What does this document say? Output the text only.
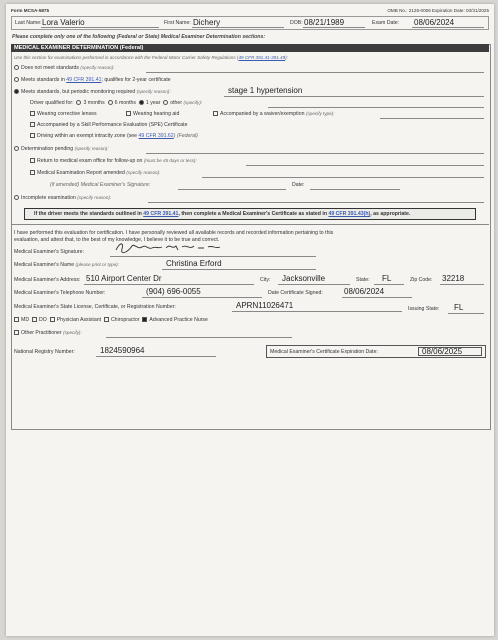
Form MCSA-5875	OMB No.: 2126-0006 Expiration Date: 03/31/2025
Last Name: Lora Valerio	First Name: Dichery	DOB: 08/21/1989	Exam Date: 08/06/2024
Please complete only one of the following (Federal or State) Medical Examiner Determination sections:
MEDICAL EXAMINER DETERMINATION (Federal)
Use this section for examinations performed in accordance with the Federal Motor Carrier Safety Regulations (49 CFR 391.41-391.49):
Does not meet standards (specify reason):
Meets standards in 49 CFR 391.41; qualifies for 2-year certificate
Meets standards, but periodic monitoring required (specify reason):	stage 1 hypertension
Driver qualified for: 3 months 6 months 1 year other (specify):
Wearing corrective lenses	Wearing hearing aid	Accompanied by a waiver/exemption (specify type):
Accompanied by a Skill Performance Evaluation (SPE) Certificate
Driving within an exempt intracity zone (see 49 CFR 391.62) (Federal)
Determination pending (specify reason):
Return to medical exam office for follow-up on (must be 45 days or less):
Medical Examination Report amended (specify reason):
(if amended) Medical Examiner's Signature:	Date:
Incomplete examination (specify reason):
If the driver meets the standards outlined in 49 CFR 391.41, then complete a Medical Examiner's Certificate as stated in 49 CFR 391.43(h), as appropriate.
I have performed this evaluation for certification. I have personally reviewed all available records and recorded information pertaining to this
evaluation, and attest that, to the best of my knowledge, I believe it to be true and correct.
Medical Examiner's Signature:
Medical Examiner's Name (please print or type):	Christina Erford
Medical Examiner's Address: 510 Airport Center Dr	City: Jacksonville	State: FL	Zip Code: 32218
Medical Examiner's Telephone Number:	(904) 696-0055	Date Certificate Signed:	08/06/2024
Medical Examiner's State License, Certificate, or Registration Number:	APRN11026471	Issuing State: FL
MD DO Physician Assistant Chiropractor Advanced Practice Nurse
Other Practitioner (specify):
National Registry Number:	1824590964	Medical Examiner's Certificate Expiration Date:	08/06/2025
